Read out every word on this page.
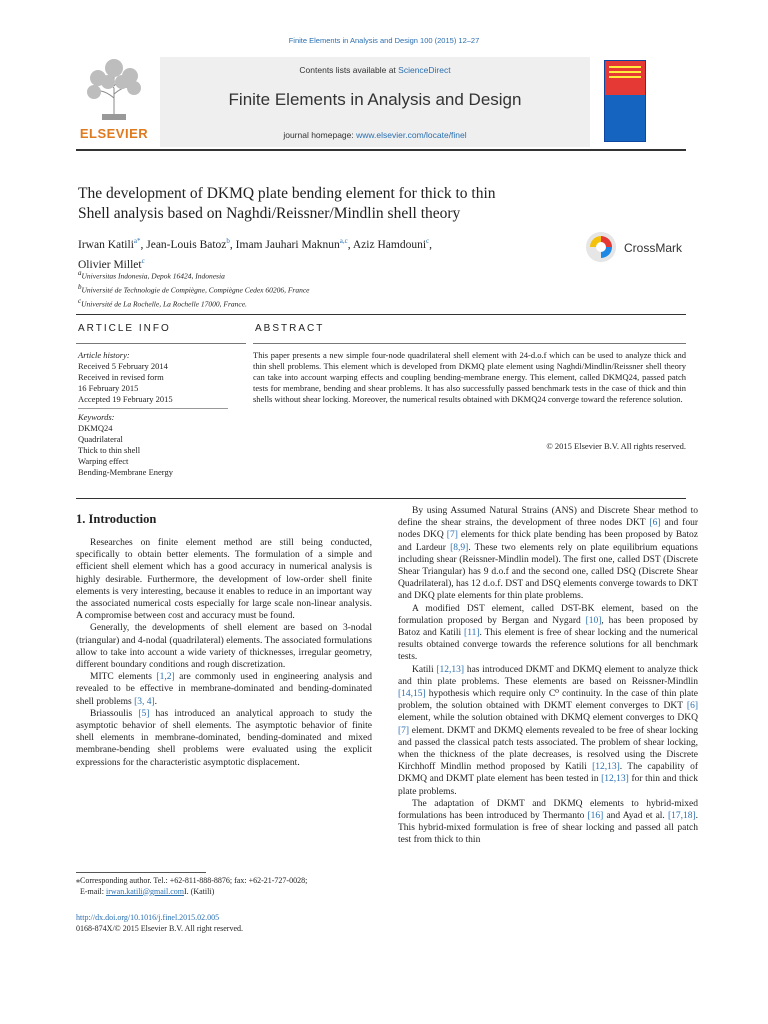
Finite Elements in Analysis and Design 100 (2015) 12–27
ELSEVIER
Contents lists available at ScienceDirect
Finite Elements in Analysis and Design
journal homepage: www.elsevier.com/locate/finel
The development of DKMQ plate bending element for thick to thin
Shell analysis based on Naghdi/Reissner/Mindlin shell theory
Irwan Katili$^{a*}$, Jean-Louis Batoz$^b$, Imam Jauhari Maknun$^{a,c}$, Aziz Hamdouni$^c$,
Olivier Millet$^c$
$^a$Universitas Indonesia, Depok 16424, Indonesia
$^b$Université de Technologie de Compiègne, Compiègne Cedex 60206, France
$^c$Université de La Rochelle, La Rochelle 17000, France.
CrossMark
ARTICLE INFO	ABSTRACT
Article history:
Received 5 February 2014
Received in revised form
16 February 2015
Accepted 19 February 2015
Keywords:
DKMQ24
Quadrilateral
Thick to thin shell
Warping effect
Bending-Membrane Energy
This paper presents a new simple four-node quadrilateral shell element with 24-d.o.f which can be used to analyze thick and thin shell problems. This element which is developed from DKMQ plate element using Naghdi/Mindlin/Reissner shell theory can take into account warping effects and coupling bending-membrane energy. This element, called DKMQ24, passed patch tests for membrane, bending and shear problems. It has also successfully passed benchmark tests in the case of thick and thin shells without shear locking. Moreover, the numerical results obtained with DKMQ24 converge toward the reference solution.
© 2015 Elsevier B.V. All rights reserved.
1. Introduction

Researches on finite element method are still being conducted, specifically to obtain better elements. The formulation of a simple and efficient shell element which has a good accuracy in numerical analysis is highly desirable. Furthermore, the development of low-order shell finite elements is very interesting, because it enables to reduce in an important way the associated numerical costs especially for large scale non-linear analysis. A compromise between cost and accuracy must be found.

Generally, the developments of shell element are based on 3-nodal (triangular) and 4-nodal (quadrilateral) elements. The associated formulations allow to take into account a wide variety of thicknesses, irregular geometry, different boundary conditions and rough discretization.

MITC elements [1,2] are commonly used in engineering analysis and revealed to be effective in membrane-dominated and bending-dominated shell problems [3, 4].

Briassoulis [5] has introduced an analytical approach to study the asymptotic behavior of shell elements. The asymptotic behavior of finite shell elements in membrane-dominated, bending-dominated and mixed membrane-bending shell problems were evaluated using the explicit expressions for the characteristic asymptotic displacement.

⁎Corresponding author. Tel.: +62-811-888-8876; fax: +62-21-727-0028;
E-mail: irwan.katili@gmail.comI. (Katili)
http://dx.doi.org/10.1016/j.finel.2015.02.005
0168-874X/© 2015 Elsevier B.V. All right reserved.

By using Assumed Natural Strains (ANS) and Discrete Shear method to define the shear strains, the development of three nodes DKT [6] and four nodes DKQ [7] elements for thick plate bending has been proposed by Batoz and Lardeur [8,9]. These two elements rely on plate equilibrium equations including shear (Reissner-Mindlin model). The first one, called DST (Discrete Shear Triangular) has 9 d.o.f and the second one, called DSQ (Discrete Shear Quadrilateral), has 12 d.o.f. DST and DSQ elements converge towards to DKT and DKQ plate elements for thin plate problems.

A modified DST element, called DST-BK element, based on the formulation proposed by Bergan and Nygard [10], has been proposed by Batoz and Katili [11]. This element is free of shear locking and the numerical results obtained converge towards the reference solutions for all benchmark tests.

Katili [12,13] has introduced DKMT and DKMQ element to analyze thick and thin plate problems. These elements are based on Reissner-Mindlin [14,15] hypothesis which require only C⁰ continuity. In the case of thin plate problem, the solution obtained with DKMT element converges to DKT [6] element, while the solution obtained with DKMQ element converges to DKQ [7] element. DKMT and DKMQ elements revealed to be free of shear locking and passed the classical patch tests associated. The problem of shear locking, when the thickness of the plate decreases, is resolved using the Discrete Kirchhoff Mindlin method proposed by Katili [12,13]. The capability of DKMQ and DKMT plate element has been tested in [12,13] for thin and thick plate problems.

The adaptation of DKMT and DKMQ elements to hybrid-mixed formulations has been introduced by Thermanto [16] and Ayad et al. [17,18]. This hybrid-mixed formulation is free of shear locking and passed all patch test from thick to thin
